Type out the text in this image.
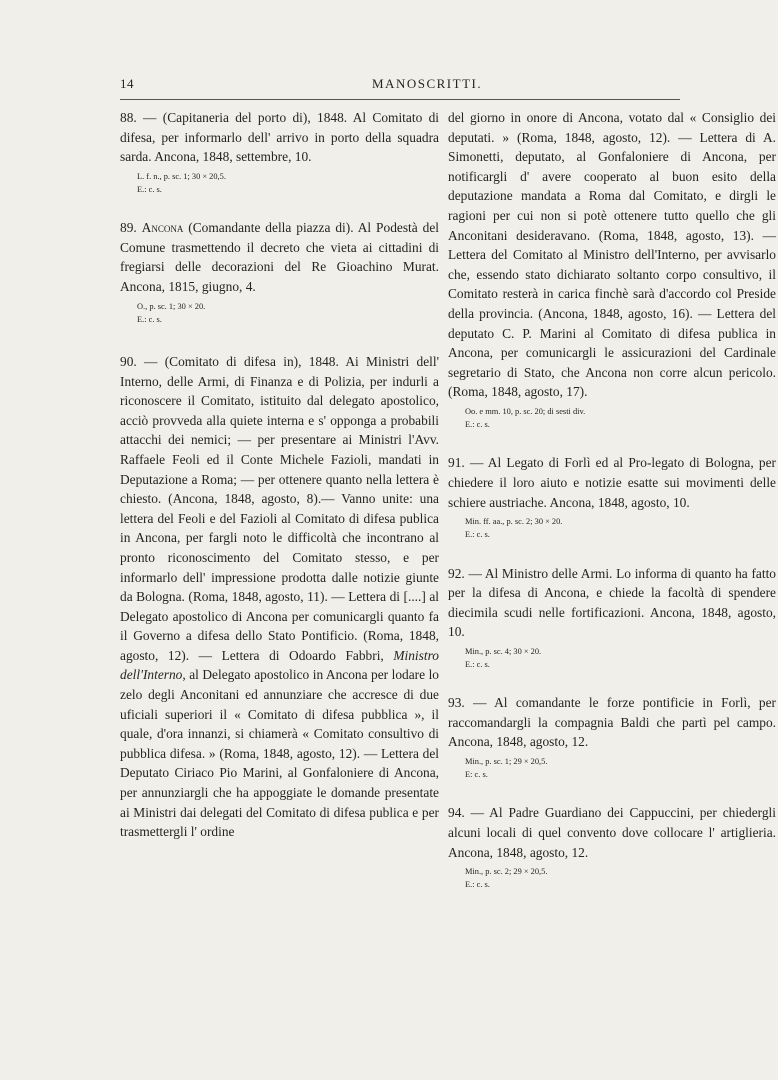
14	MANOSCRITTI.

88. — (Capitaneria del porto di), 1848. Al Comitato di difesa, per informarlo dell' arrivo in porto della squadra sarda. Ancona, 1848, settembre, 10.

L. f. n., p. sc. 1; 30 × 20,5.
E.: c. s.

89. Ancona (Comandante della piazza di). Al Podestà del Comune trasmettendo il decreto che vieta ai cittadini di fregiarsi delle decorazioni del Re Gioachino Murat. Ancona, 1815, giugno, 4.

O., p. sc. 1; 30 × 20.
E.: c. s.

90. — (Comitato di difesa in), 1848. Ai Ministri dell' Interno, delle Armi, di Finanza e di Polizia, per indurli a riconoscere il Comitato, istituito dal delegato apostolico, acciò provveda alla quiete interna e s' opponga a probabili attacchi dei nemici; — per presentare ai Ministri l'Avv. Raffaele Feoli ed il Conte Michele Fazioli, mandati in Deputazione a Roma; — per ottenere quanto nella lettera è chiesto. (Ancona, 1848, agosto, 8).— Vanno unite: una lettera del Feoli e del Fazioli al Comitato di difesa publica in Ancona, per fargli noto le difficoltà che incontrano al pronto riconoscimento del Comitato stesso, e per informarlo dell' impressione prodotta dalle notizie giunte da Bologna. (Roma, 1848, agosto, 11). — Lettera di [....] al Delegato apostolico di Ancona per comunicargli quanto fa il Governo a difesa dello Stato Pontificio. (Roma, 1848, agosto, 12). — Lettera di Odoardo Fabbri, Ministro dell'Interno, al Delegato apostolico in Ancona per lodare lo zelo degli Anconitani ed annunziare che accresce di due uficiali superiori il « Comitato di difesa pubblica », il quale, d'ora innanzi, si chiamerà « Comitato consultivo di pubblica difesa. » (Roma, 1848, agosto, 12). — Lettera del Deputato Ciriaco Pio Marini, al Gonfaloniere di Ancona, per annunziargli che ha appoggiate le domande presentate ai Ministri dai delegati del Comitato di difesa publica e per trasmettergli l' ordine

del giorno in onore di Ancona, votato dal « Consiglio dei deputati. » (Roma, 1848, agosto, 12). — Lettera di A. Simonetti, deputato, al Gonfaloniere di Ancona, per notificargli d' avere cooperato al buon esito della deputazione mandata a Roma dal Comitato, e dirgli le ragioni per cui non si potè ottenere tutto quello che gli Anconitani desideravano. (Roma, 1848, agosto, 13). — Lettera del Comitato al Ministro dell'Interno, per avvisarlo che, essendo stato dichiarato soltanto corpo consultivo, il Comitato resterà in carica finchè sarà d'accordo col Preside della provincia. (Ancona, 1848, agosto, 16). — Lettera del deputato C. P. Marini al Comitato di difesa publica in Ancona, per comunicargli le assicurazioni del Cardinale segretario di Stato, che Ancona non corre alcun pericolo. (Roma, 1848, agosto, 17).

Oo. e mm. 10, p. sc. 20; di sesti div.
E.: c. s.

91. — Al Legato di Forlì ed al Pro-legato di Bologna, per chiedere il loro aiuto e notizie esatte sui movimenti delle schiere austriache. Ancona, 1848, agosto, 10.

Min. ff. aa., p. sc. 2; 30 × 20.
E.: c. s.

92. — Al Ministro delle Armi. Lo informa di quanto ha fatto per la difesa di Ancona, e chiede la facoltà di spendere diecimila scudi nelle fortificazioni. Ancona, 1848, agosto, 10.

Min., p. sc. 4; 30 × 20.
E.: c. s.

93. — Al comandante le forze pontificie in Forlì, per raccomandargli la compagnia Baldi che partì pel campo. Ancona, 1848, agosto, 12.

Min., p. sc. 1; 29 × 20,5.
E: c. s.

94. — Al Padre Guardiano dei Cappuccini, per chiedergli alcuni locali di quel convento dove collocare l' artiglieria. Ancona, 1848, agosto, 12.

Min., p. sc. 2; 29 × 20,5.
E.: c. s.
